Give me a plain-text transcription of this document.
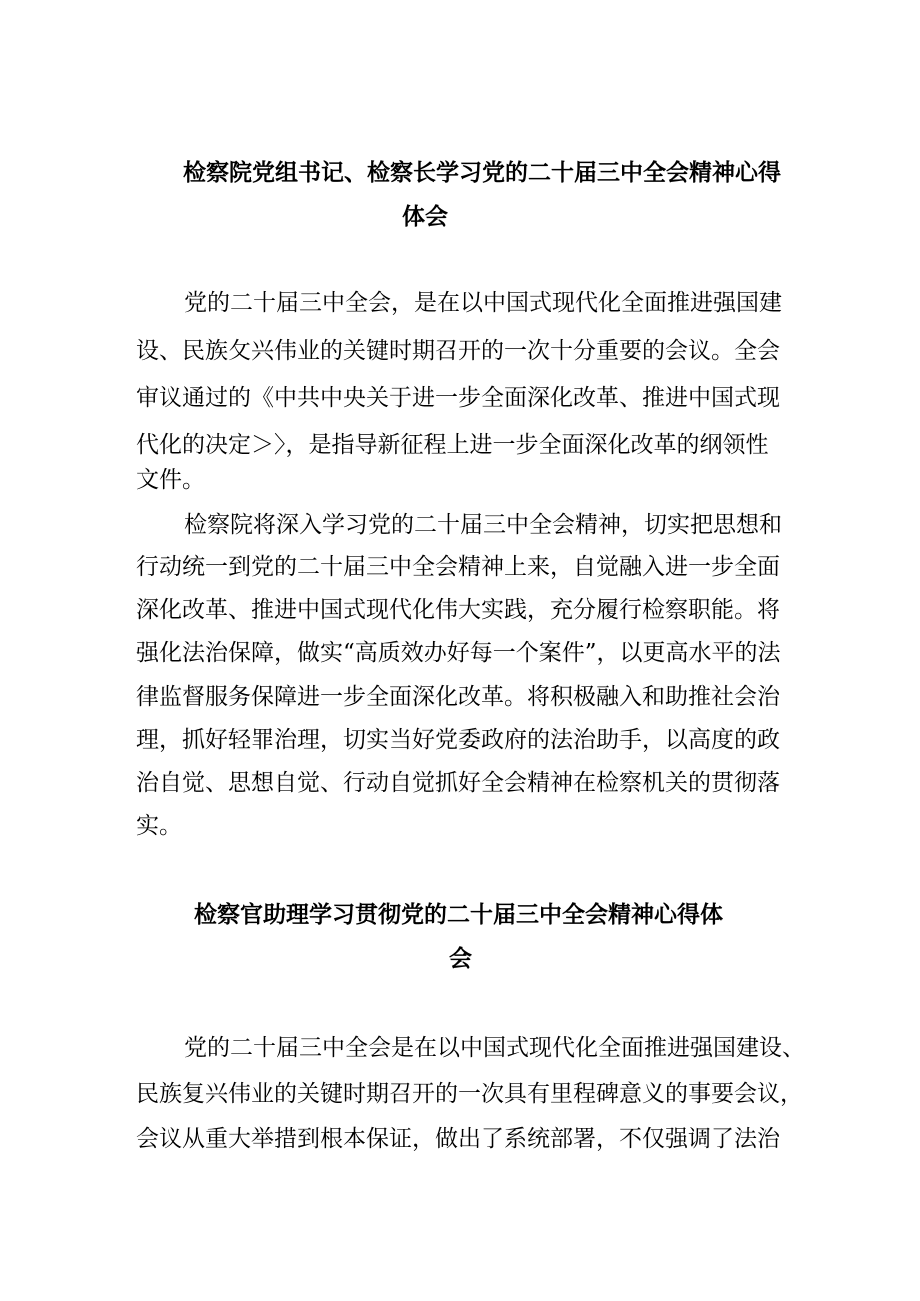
检察院党组书记、检察长学习党的二十届三中全会精神心得

体会

党的二十届三中全会，是在以中国式现代化全面推进强国建

设、民族攵兴伟业的关键时期召开的一次十分重要的会议。全会

审议通过的《中共中央关于进一步全面深化改革、推进中国式现

代化的决定＞〉，是指导新征程上进一步全面深化改革的纲领性

文件。

检察院将深入学习党的二十届三中全会精神，切实把思想和

行动统一到党的二十届三中全会精神上来，自觉融入进一步全面

深化改革、推进中国式现代化伟大实践，充分履行检察职能。将

强化法治保障，做实“高质效办好每一个案件”，以更高水平的法

律监督服务保障进一步全面深化改革。将积极融入和助推社会治

理，抓好轻罪治理，切实当好党委政府的法治助手，以高度的政

治自觉、思想自觉、行动自觉抓好全会精神在检察机关的贯彻落

实。

检察官助理学习贯彻党的二十届三中全会精神心得体

会

党的二十届三中全会是在以中国式现代化全面推进强国建设、

民族复兴伟业的关键时期召开的一次具有里程碑意义的事要会议，

会议从重大举措到根本保证，做出了系统部署，不仅强调了法治
